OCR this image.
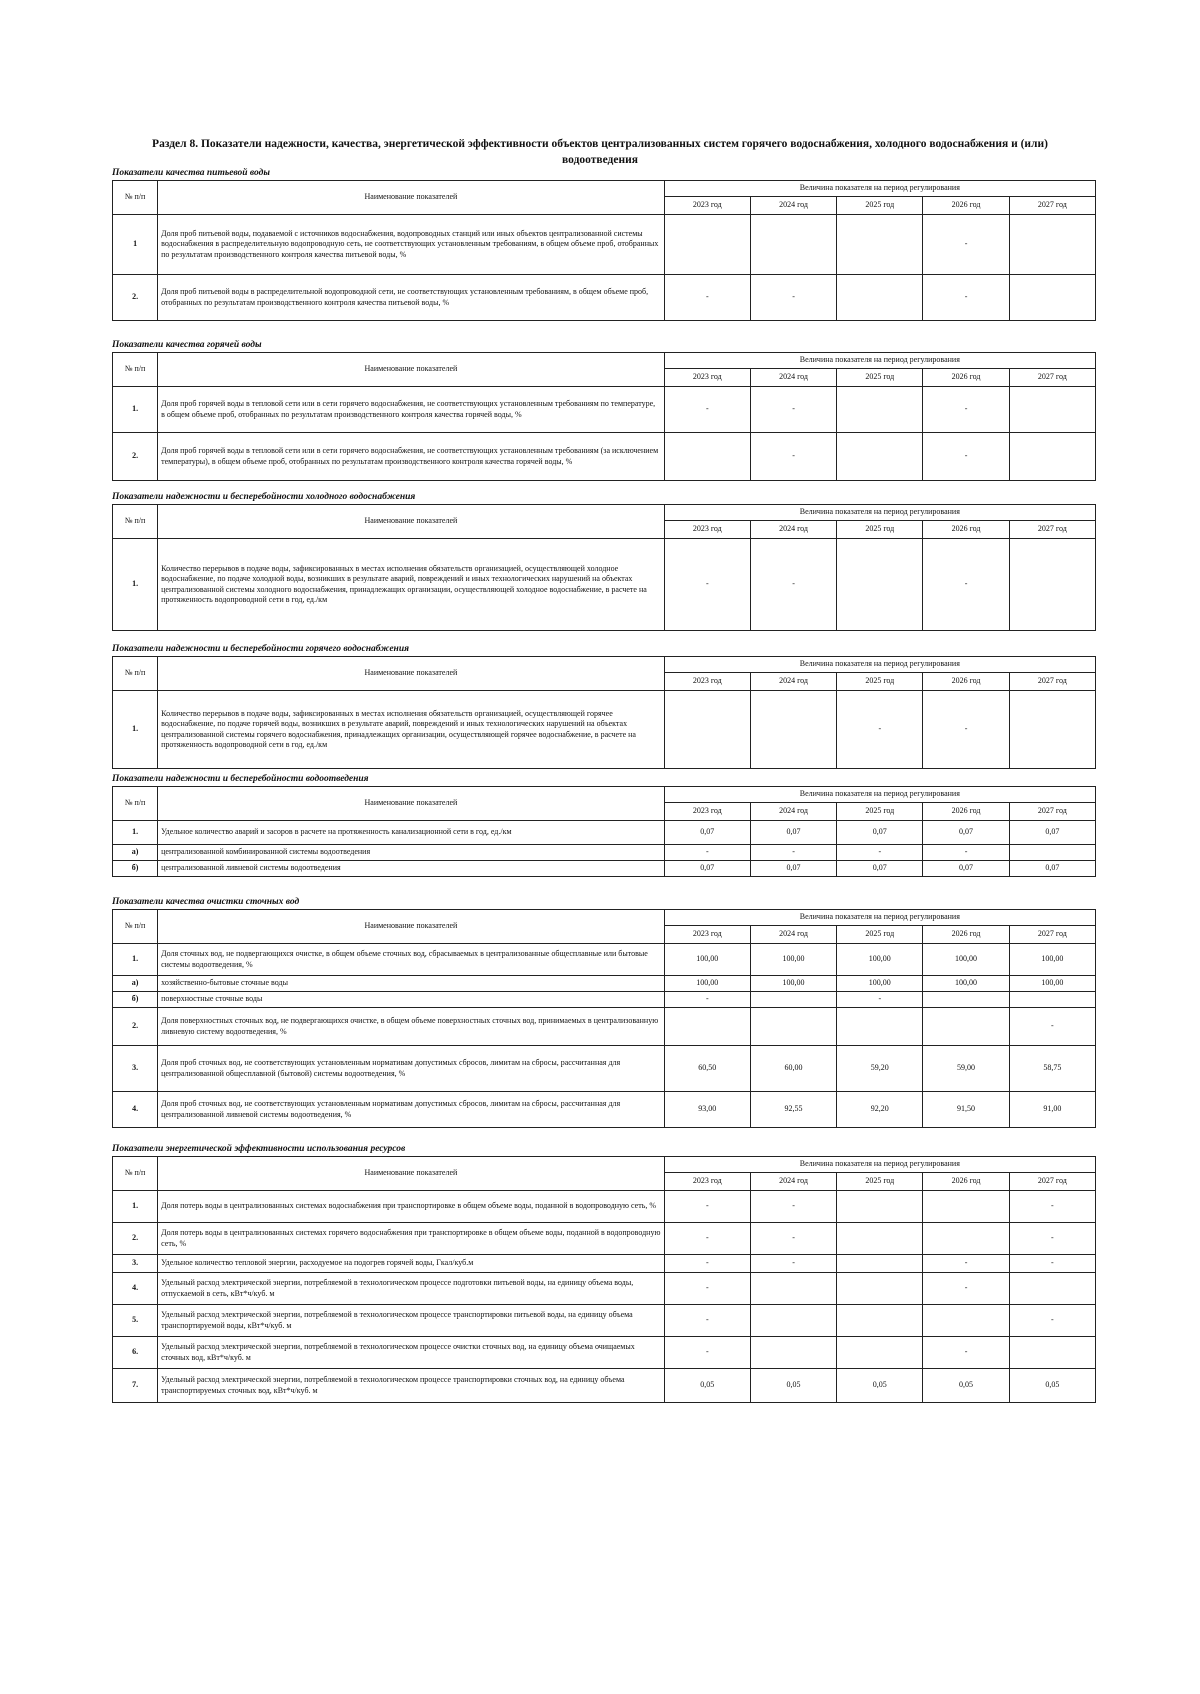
Раздел 8. Показатели надежности, качества, энергетической эффективности объектов централизованных систем горячего водоснабжения, холодного водоснабжения и (или) водоотведения
Показатели качества питьевой воды
№ п/п	Наименование показателей	Величина показателя на период регулирования				
		2023 год	2024 год	2025 год	2026 год	2027 год
1	Доля проб питьевой воды, подаваемой с источников водоснабжения, водопроводных станций или иных объектов централизованной системы водоснабжения в распределительную водопроводную сеть, не соответствующих установленным требованиям, в общем объеме проб, отобранных по результатам производственного контроля качества питьевой воды, %				-	
2.	Доля проб питьевой воды в распределительной водопроводной сети, не соответствующих установленным требованиям, в общем объеме проб, отобранных по результатам производственного контроля качества питьевой воды, %	-	-		-	
Показатели качества горячей воды
№ п/п	Наименование показателей	Величина показателя на период регулирования				
		2023 год	2024 год	2025 год	2026 год	2027 год
1.	Доля проб горячей воды в тепловой сети или в сети горячего водоснабжения, не соответствующих установленным требованиям по температуре, в общем объеме проб, отобранных по результатам производственного контроля качества горячей воды, %	-	-		-	
2.	Доля проб горячей воды в тепловой сети или в сети горячего водоснабжения, не соответствующих установленным требованиям (за исключением температуры), в общем объеме проб, отобранных по результатам производственного контроля качества горячей воды, %		-		-	
Показатели надежности и бесперебойности холодного водоснабжения
№ п/п	Наименование показателей	Величина показателя на период регулирования				
		2023 год	2024 год	2025 год	2026 год	2027 год
1.	Количество перерывов в подаче воды, зафиксированных в местах исполнения обязательств организацией, осуществляющей холодное водоснабжение, по подаче холодной воды, возникших в результате аварий, повреждений и иных технологических нарушений на объектах централизованной системы холодного водоснабжения, принадлежащих организации, осуществляющей холодное водоснабжение, в расчете на протяженность водопроводной сети в год, ед./км	-	-		-	
Показатели надежности и бесперебойности горячего водоснабжения
№ п/п	Наименование показателей	Величина показателя на период регулирования				
		2023 год	2024 год	2025 год	2026 год	2027 год
1.	Количество перерывов в подаче воды, зафиксированных в местах исполнения обязательств организацией, осуществляющей горячее водоснабжение, по подаче горячей воды, возникших в результате аварий, повреждений и иных технологических нарушений на объектах централизованной системы горячего водоснабжения, принадлежащих организации, осуществляющей горячее водоснабжение, в расчете на протяженность водопроводной сети в год, ед./км			-	-	
Показатели надежности и бесперебойности водоотведения
№ п/п	Наименование показателей	Величина показателя на период регулирования				
		2023 год	2024 год	2025 год	2026 год	2027 год
1.	Удельное количество аварий и засоров в расчете на протяженность канализационной сети в год, ед./км	0,07	0,07	0,07	0,07	0,07
а)	централизованной комбинированной системы водоотведения	-	-	-	-	
б)	централизованной ливневой системы водоотведения	0,07	0,07	0,07	0,07	0,07
Показатели качества очистки сточных вод
№ п/п	Наименование показателей	Величина показателя на период регулирования				
		2023 год	2024 год	2025 год	2026 год	2027 год
1.	Доля сточных вод, не подвергающихся очистке, в общем объеме сточных вод, сбрасываемых в централизованные общесплавные или бытовые системы водоотведения, %	100,00	100,00	100,00	100,00	100,00
а)	хозяйственно-бытовые сточные воды	100,00	100,00	100,00	100,00	100,00
б)	поверхностные сточные воды	-		-		
2.	Доля поверхностных сточных вод, не подвергающихся очистке, в общем объеме поверхностных сточных вод, принимаемых в централизованную ливневую систему водоотведения, %					-
3.	Доля проб сточных вод, не соответствующих установленным нормативам допустимых сбросов, лимитам на сбросы, рассчитанная для централизованной общесплавной (бытовой) системы водоотведения, %	60,50	60,00	59,20	59,00	58,75
4.	Доля проб сточных вод, не соответствующих установленным нормативам допустимых сбросов, лимитам на сбросы, рассчитанная для централизованной ливневой системы водоотведения, %	93,00	92,55	92,20	91,50	91,00
Показатели энергетической эффективности использования ресурсов
№ п/п	Наименование показателей	Величина показателя на период регулирования				
		2023 год	2024 год	2025 год	2026 год	2027 год
1.	Доля потерь воды в централизованных системах водоснабжения при транспортировке в общем объеме воды, поданной в водопроводную сеть, %	-	-			-
2.	Доля потерь воды в централизованных системах горячего водоснабжения при транспортировке в общем объеме воды, поданной в водопроводную сеть, %	-	-			-
3.	Удельное количество тепловой энергии, расходуемое на подогрев горячей воды, Гкал/куб.м	-	-		-	-
4.	Удельный расход электрической энергии, потребляемой в технологическом процессе подготовки питьевой воды, на единицу объема воды, отпускаемой в сеть, кВт*ч/куб. м	-			-	
5.	Удельный расход электрической энергии, потребляемой в технологическом процессе транспортировки питьевой воды, на единицу объема транспортируемой воды, кВт*ч/куб. м	-				-
6.	Удельный расход электрической энергии, потребляемой в технологическом процессе очистки сточных вод, на единицу объема очищаемых сточных вод, кВт*ч/куб. м	-			-	
7.	Удельный расход электрической энергии, потребляемой в технологическом процессе транспортировки сточных вод, на единицу объема транспортируемых сточных вод, кВт*ч/куб. м	0,05	0,05	0,05	0,05	0,05
